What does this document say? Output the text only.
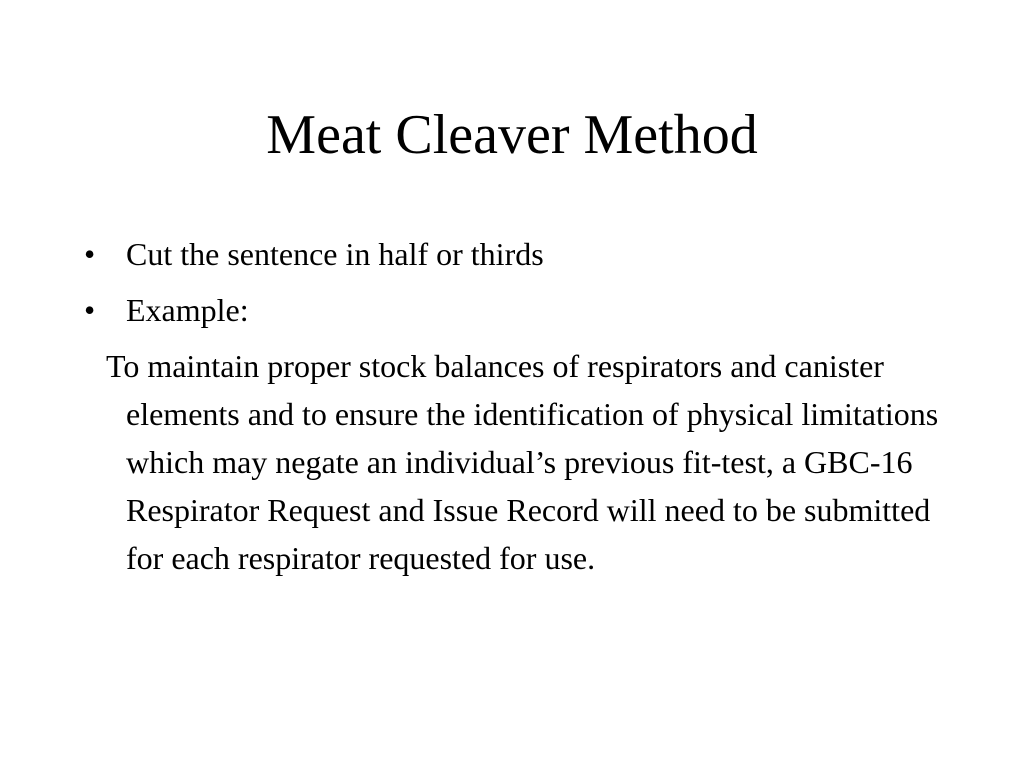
Meat Cleaver Method
• Cut the sentence in half or thirds
• Example:

To maintain proper stock balances of respirators and canister elements and to ensure the identification of physical limitations which may negate an individual’s previous fit-test, a GBC-16 Respirator Request and Issue Record will need to be submitted for each respirator requested for use.
